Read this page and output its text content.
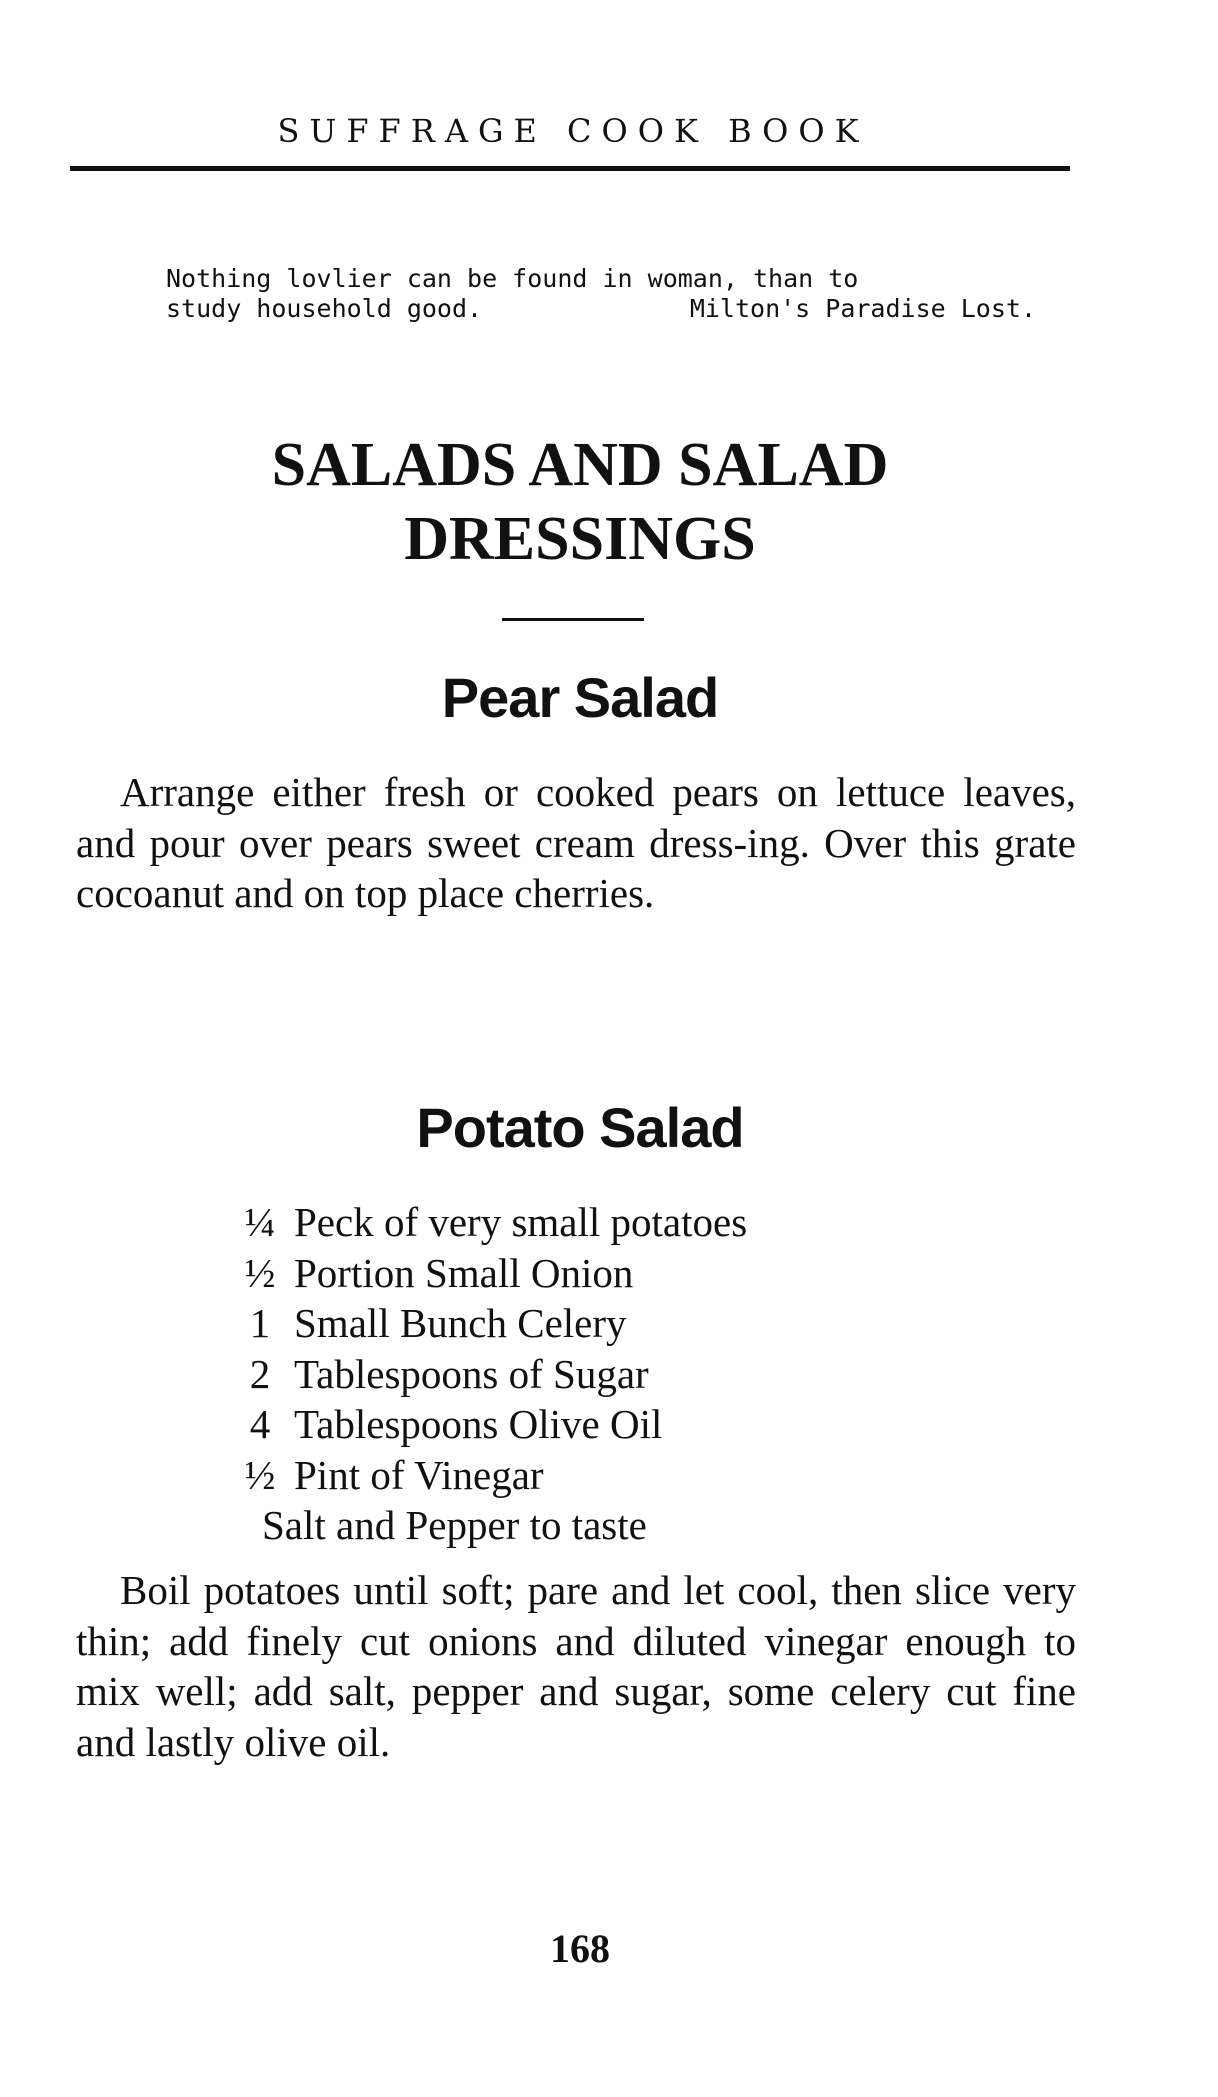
SUFFRAGE COOK BOOK
Nothing lovlier can be found in woman, than to
study household good.	Milton's Paradise Lost.
SALADS AND SALAD
DRESSINGS
Pear Salad
Arrange either fresh or cooked pears on lettuce leaves, and pour over pears sweet cream dress-ing. Over this grate cocoanut and on top place cherries.
Potato Salad
¼ Peck of very small potatoes
½ Portion Small Onion
1 Small Bunch Celery
2 Tablespoons of Sugar
4 Tablespoons Olive Oil
½ Pint of Vinegar
Salt and Pepper to taste
Boil potatoes until soft; pare and let cool, then slice very thin; add finely cut onions and diluted vinegar enough to mix well; add salt, pepper and sugar, some celery cut fine and lastly olive oil.
168
